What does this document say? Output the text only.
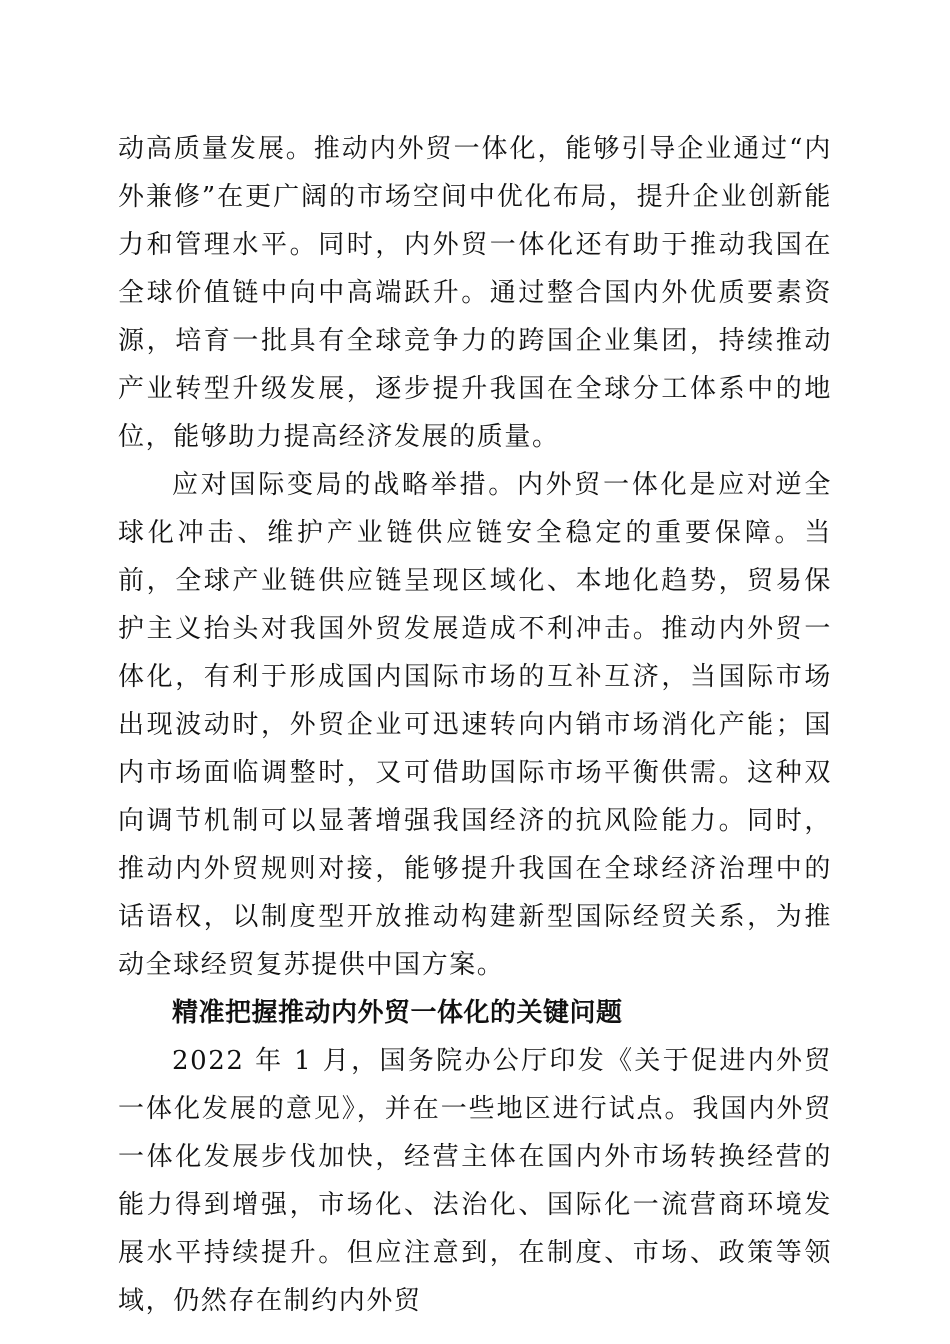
动高质量发展。推动内外贸一体化，能够引导企业通过“内外兼修”在更广阔的市场空间中优化布局，提升企业创新能力和管理水平。同时，内外贸一体化还有助于推动我国在全球价值链中向中高端跃升。通过整合国内外优质要素资源，培育一批具有全球竞争力的跨国企业集团，持续推动产业转型升级发展，逐步提升我国在全球分工体系中的地位，能够助力提高经济发展的质量。

应对国际变局的战略举措。内外贸一体化是应对逆全球化冲击、维护产业链供应链安全稳定的重要保障。当前，全球产业链供应链呈现区域化、本地化趋势，贸易保护主义抬头对我国外贸发展造成不利冲击。推动内外贸一体化，有利于形成国内国际市场的互补互济，当国际市场出现波动时，外贸企业可迅速转向内销市场消化产能；国内市场面临调整时，又可借助国际市场平衡供需。这种双向调节机制可以显著增强我国经济的抗风险能力。同时，推动内外贸规则对接，能够提升我国在全球经济治理中的话语权，以制度型开放推动构建新型国际经贸关系，为推动全球经贸复苏提供中国方案。

精准把握推动内外贸一体化的关键问题

2022 年 1 月，国务院办公厅印发《关于促进内外贸一体化发展的意见》，并在一些地区进行试点。我国内外贸一体化发展步伐加快，经营主体在国内外市场转换经营的能力得到增强，市场化、法治化、国际化一流营商环境发展水平持续提升。但应注意到，在制度、市场、政策等领域，仍然存在制约内外贸
